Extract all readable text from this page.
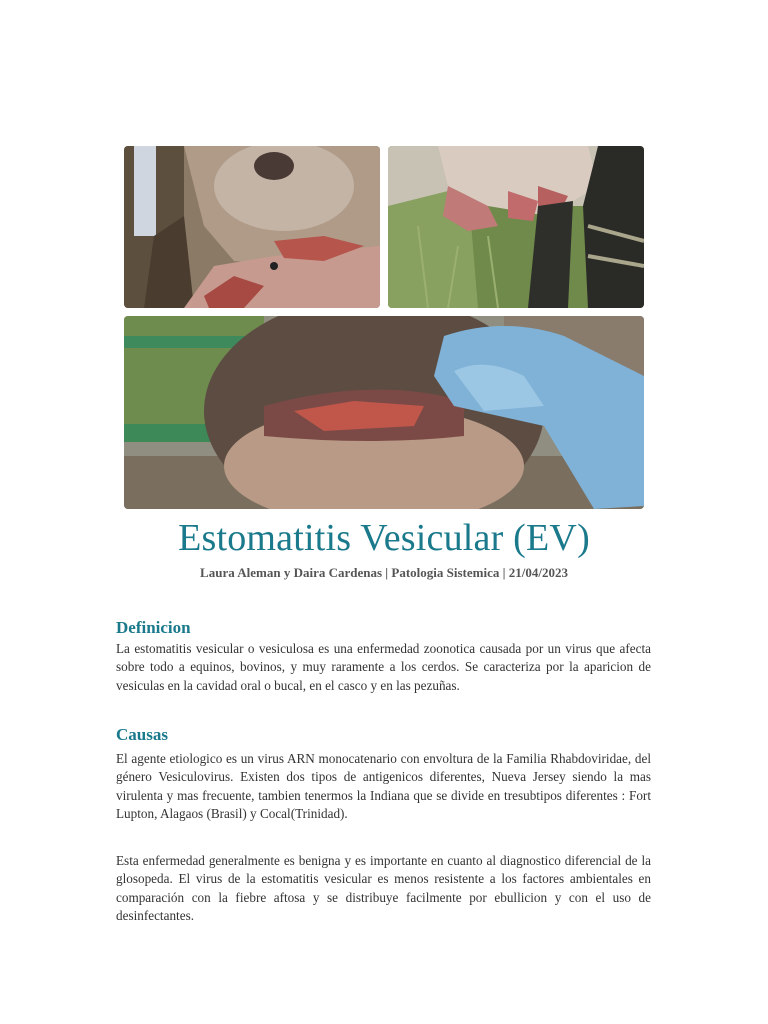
Estomatitis Vesicular (EV)
Laura Aleman y Daira Cardenas | Patologia Sistemica | 21/04/2023
Definicion

La estomatitis vesicular o vesiculosa es una enfermedad zoonotica causada por un virus que afecta sobre todo a equinos, bovinos, y muy raramente a los cerdos. Se caracteriza por la aparicion de vesiculas en la cavidad oral o bucal, en el casco y en las pezuñas.

Causas

El agente etiologico es un virus ARN monocatenario con envoltura de la Familia Rhabdoviridae, del género Vesiculovirus. Existen dos tipos de antigenicos diferentes, Nueva Jersey siendo la mas virulenta y mas frecuente, tambien tenermos la Indiana que se divide en tresubtipos diferentes : Fort Lupton, Alagaos (Brasil) y Cocal(Trinidad).

Esta enfermedad generalmente es benigna y es importante en cuanto al diagnostico diferencial de la glosopeda. El virus de la estomatitis vesicular es menos resistente a los factores ambientales en comparación con la fiebre aftosa y se distribuye facilmente por ebullicion y con el uso de desinfectantes.
